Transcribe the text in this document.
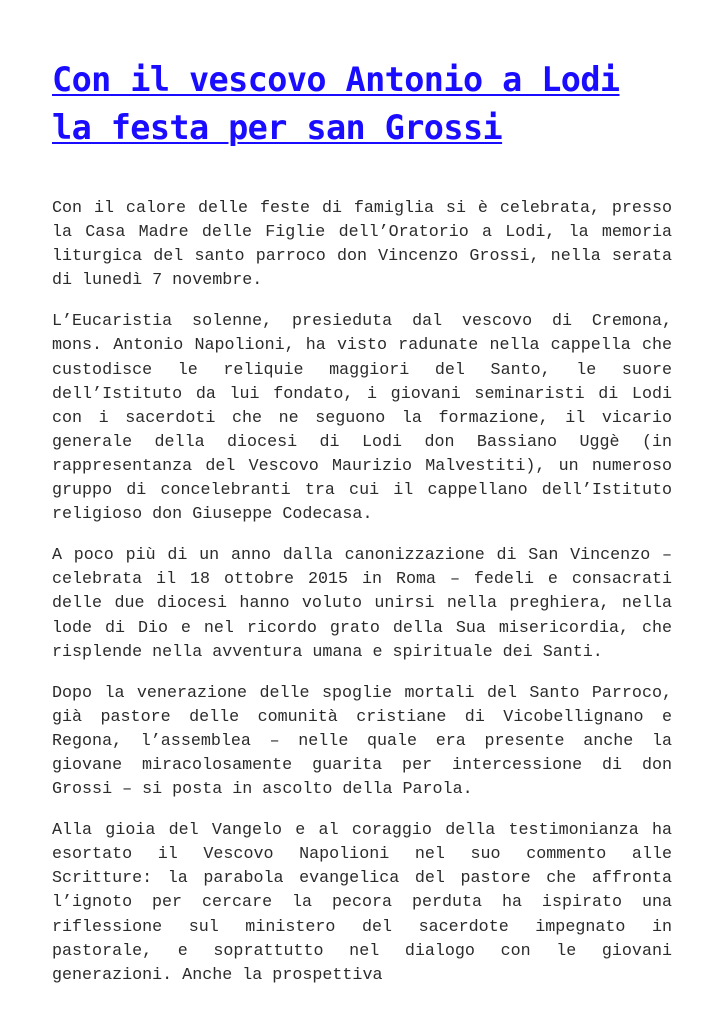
Con il vescovo Antonio a Lodi la festa per san Grossi

Con il calore delle feste di famiglia si è celebrata, presso la Casa Madre delle Figlie dell’Oratorio a Lodi, la memoria liturgica del santo parroco don Vincenzo Grossi, nella serata di lunedì 7 novembre.

L’Eucaristia solenne, presieduta dal vescovo di Cremona, mons. Antonio Napolioni, ha visto radunate nella cappella che custodisce le reliquie maggiori del Santo, le suore dell’Istituto da lui fondato, i giovani seminaristi di Lodi con i sacerdoti che ne seguono la formazione, il vicario generale della diocesi di Lodi don Bassiano Uggè (in rappresentanza del Vescovo Maurizio Malvestiti), un numeroso gruppo di concelebranti tra cui il cappellano dell’Istituto religioso don Giuseppe Codecasa.

A poco più di un anno dalla canonizzazione di San Vincenzo – celebrata il 18 ottobre 2015 in Roma – fedeli e consacrati delle due diocesi hanno voluto unirsi nella preghiera, nella lode di Dio e nel ricordo grato della Sua misericordia, che risplende nella avventura umana e spirituale dei Santi.

Dopo la venerazione delle spoglie mortali del Santo Parroco, già pastore delle comunità cristiane di Vicobellignano e Regona, l’assemblea – nelle quale era presente anche la giovane miracolosamente guarita per intercessione di don Grossi – si posta in ascolto della Parola.

Alla gioia del Vangelo e al coraggio della testimonianza ha esortato il Vescovo Napolioni nel suo commento alle Scritture: la parabola evangelica del pastore che affronta l’ignoto per cercare la pecora perduta ha ispirato una riflessione sul ministero del sacerdote impegnato in pastorale, e soprattutto nel dialogo con le giovani generazioni. Anche la prospettiva
